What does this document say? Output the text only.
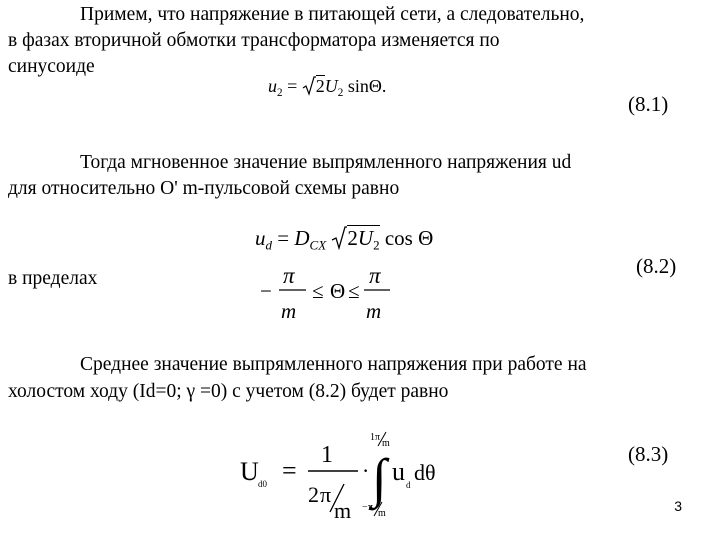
Примем, что напряжение в питающей сети, а следовательно,
в фазах вторичной обмотки трансформатора изменяется по
синусоиде
$u_2 = 2U_2$ sinΘ.
(8.1)
Тогда мгновенное значение выпрямленного напряжения ud
для относительно O' m-пульсовой схемы равно
$u_d = D_{CX}$ $2U_2$ cos Θ
(8.2)
в пределах
−
π
m
≤ Θ ≤
π
m
Среднее значение выпрямленного напряжения при работе на
холостом ходу (Id=0; γ =0) с учетом (8.2) будет равно
U d0 =
1
2 π
m
·
1 π
m
∫
− π
m
u d dθ
(8.3)
3
